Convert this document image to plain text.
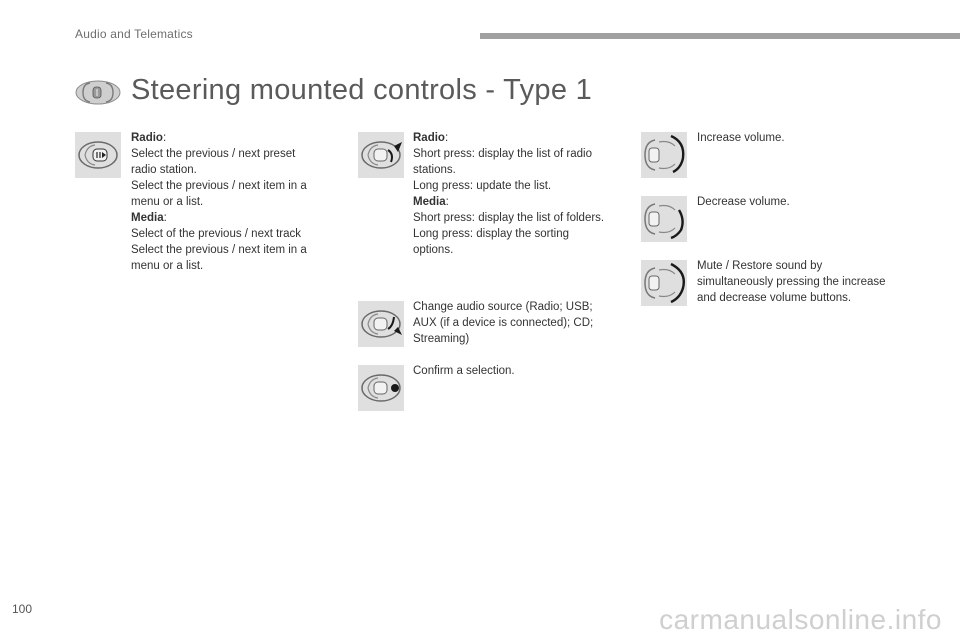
Audio and Telematics
Steering mounted controls - Type 1
Radio:
Select the previous / next preset
radio station.
Select the previous / next item in a
menu or a list.
Media:
Select of the previous / next track
Select the previous / next item in a
menu or a list.
Radio:
Short press: display the list of radio
stations.
Long press: update the list.
Media:
Short press: display the list of folders.
Long press: display the sorting
options.
Change audio source (Radio; USB;
AUX (if a device is connected); CD;
Streaming)
Confirm a selection.
Increase volume.
Decrease volume.
Mute / Restore sound by
simultaneously pressing the increase
and decrease volume buttons.
100	carmanualsonline.info
